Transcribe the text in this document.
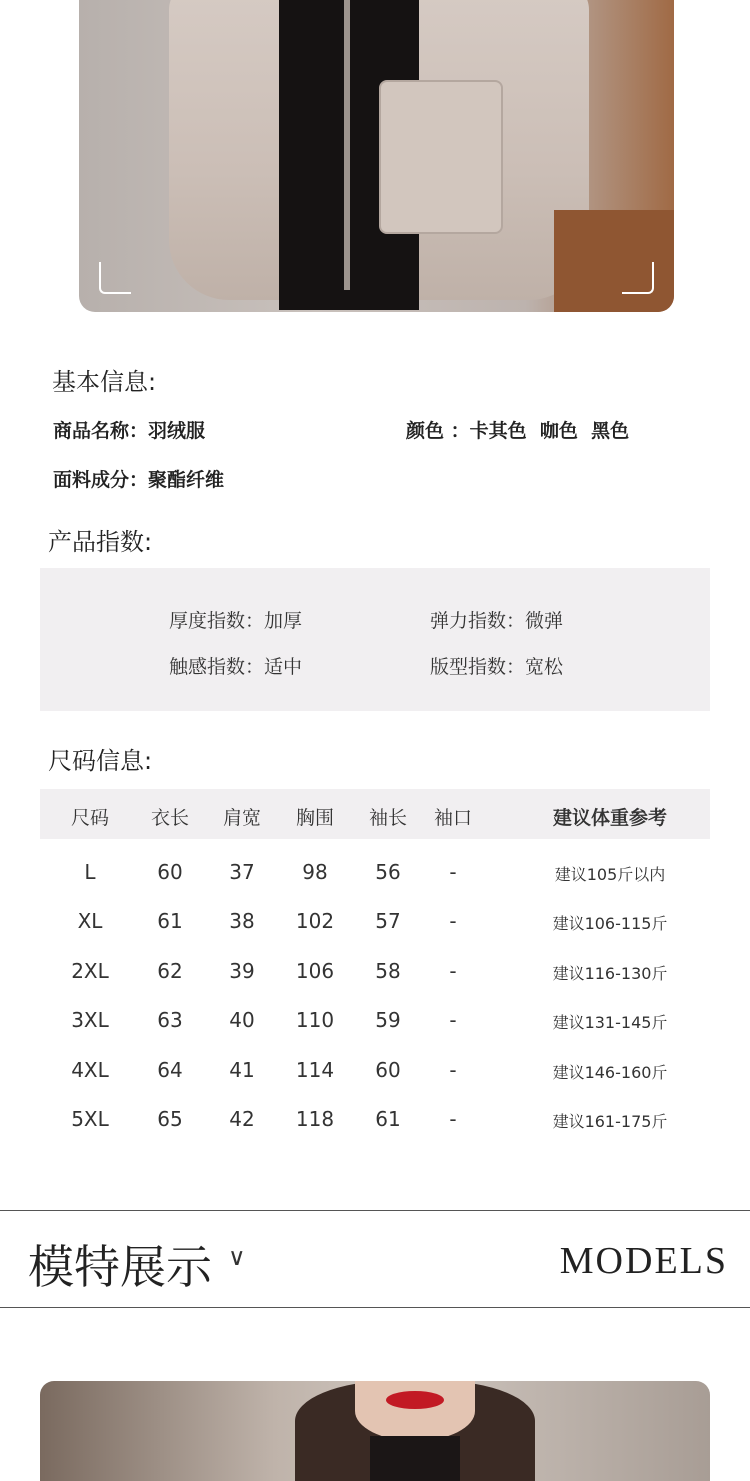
基本信息:
商品名称：羽绒服	颜色 ：卡其色  咖色  黑色
面料成分：聚酯纤维
产品指数:
厚度指数：加厚	弹力指数：微弹
触感指数：适中	版型指数：宽松
尺码信息:
尺码 衣长 肩宽 胸围 袖长 袖口	建议体重参考
L	60 37 98 56 -	建议105斤以内
XL	61 38 102 57 -	建议106-115斤
2XL 62 39 106 58 -	建议116-130斤
3XL 63 40 110 59 -	建议131-145斤
4XL 64 41 114 60 -	建议146-160斤
5XL 65 42 118 61 -	建议161-175斤
模特展示 ∨	MODELS
